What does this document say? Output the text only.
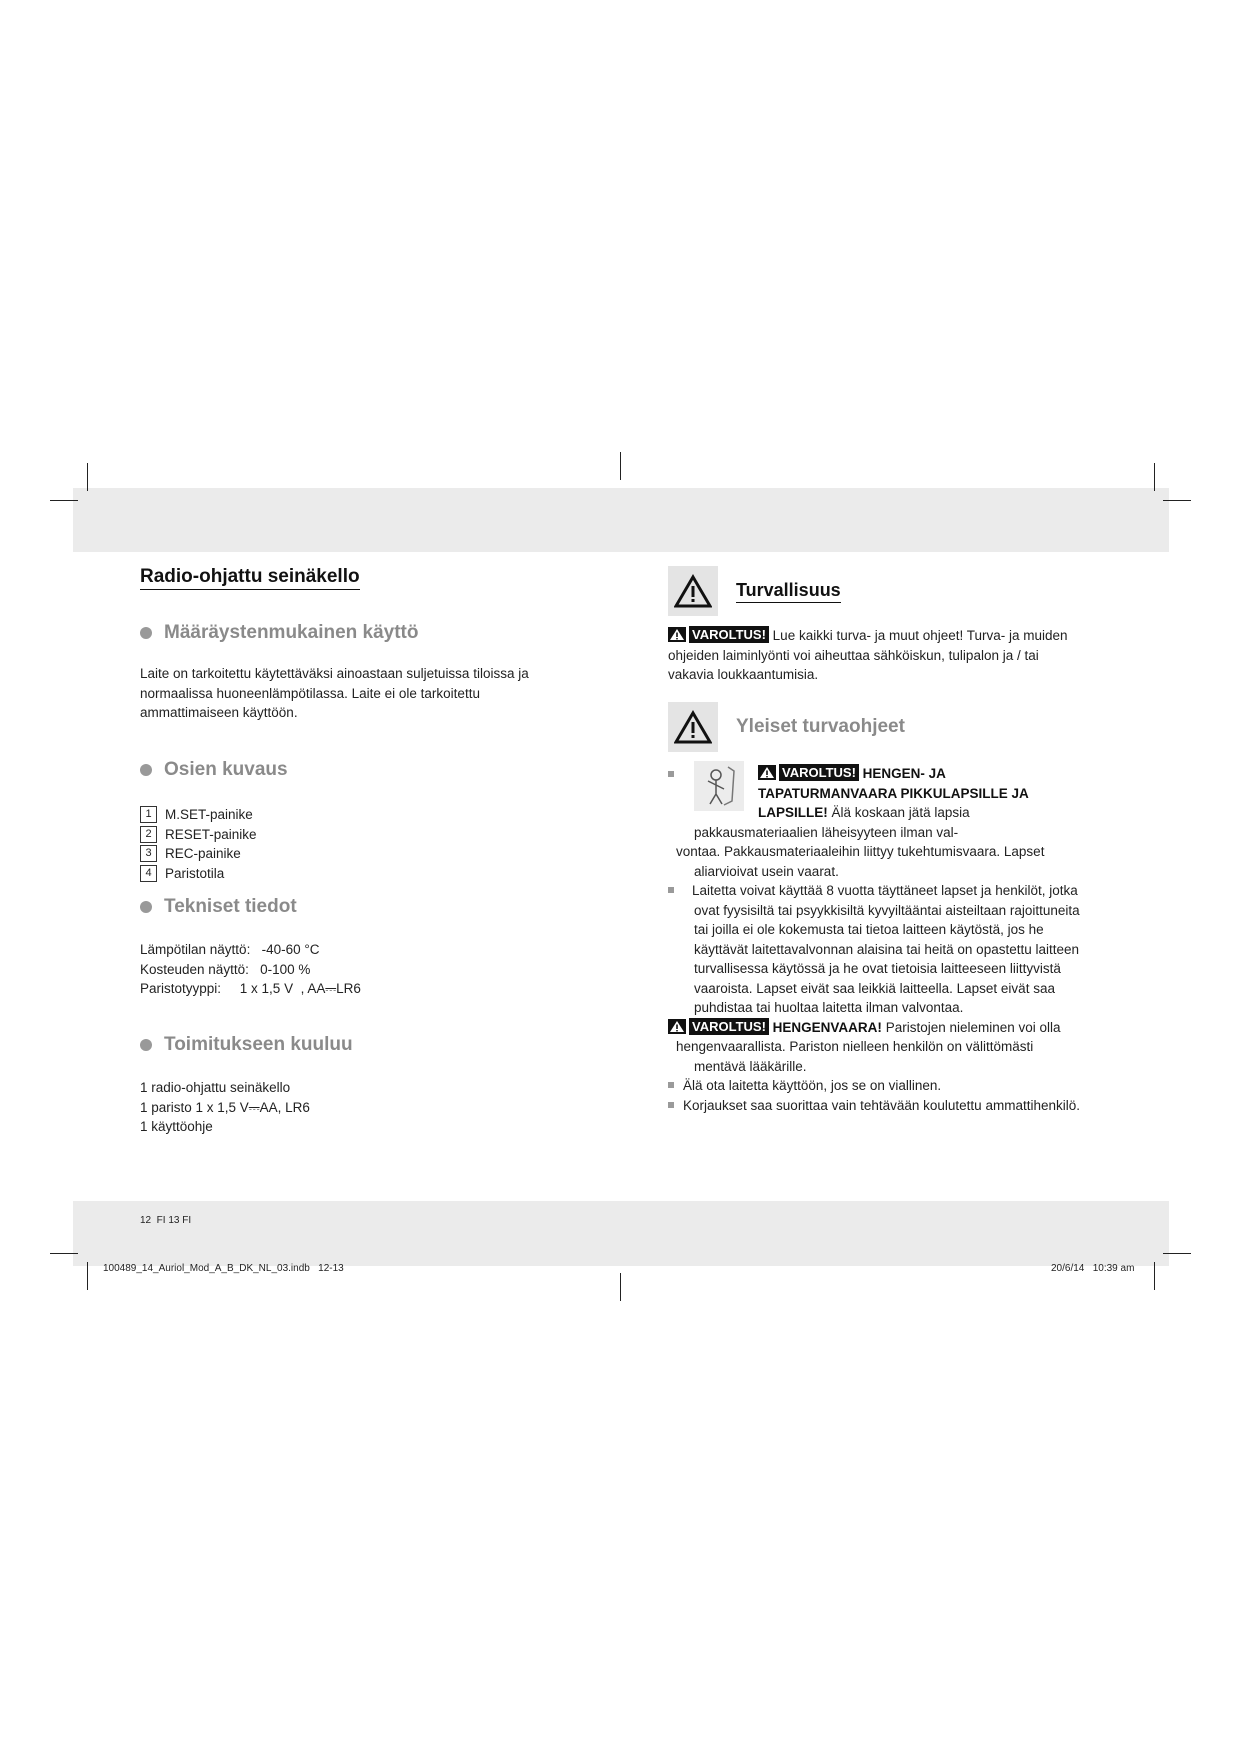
Radio-ohjattu seinäkello
Määräystenmukainen käyttö

Laite on tarkoitettu käytettäväksi ainoastaan suljetuissa tiloissa ja

normaalissa huoneenlämpötilassa. Laite ei ole tarkoitettu

ammattimaiseen käyttöön.

Osien kuvaus
1 M.SET-painike
2 RESET-painike
3 REC-painike
4 Paristotila
Tekniset tiedot
Lämpötilan näyttö:   -40-60 °C
Kosteuden näyttö:   0-100 %
Paristotyyppi:     1 x 1,5 V  , AA⎓LR6
Toimitukseen kuuluu

1 radio-ohjattu seinäkello

1 paristo 1 x 1,5 V⎓AA, LR6

1 käyttöohje

Turvallisuus
VAROLTUS! Lue kaikki turva- ja muut ohjeet! Turva- ja muiden
ohjeiden laiminlyönti voi aiheuttaa sähköiskun, tulipalon ja / tai
vakavia loukkaantumisia.
Yleiset turvaohjeet
VAROLTUS! HENGEN- JA
TAPATURMANVAARA PIKKULAPSILLE JA
LAPSILLE! Älä koskaan jätä lapsia
pakkausmateriaalien läheisyyteen ilman val-
vontaa. Pakkausmateriaaleihin liittyy tukehtumisvaara. Lapset
aliarvioivat usein vaarat.
Laitetta voivat käyttää 8 vuotta täyttäneet lapset ja henkilöt, jotka
ovat fyysisiltä tai psyykkisiltä kyvyiltääntai aisteiltaan rajoittuneita
tai joilla ei ole kokemusta tai tietoa laitteen käytöstä, jos he
käyttävät laitettavalvonnan alaisina tai heitä on opastettu laitteen
turvallisessa käytössä ja he ovat tietoisia laitteeseen liittyvistä
vaaroista. Lapset eivät saa leikkiä laitteella. Lapset eivät saa
puhdistaa tai huoltaa laitetta ilman valvontaa.
VAROLTUS! HENGENVAARA! Paristojen nieleminen voi olla
hengenvaarallista. Pariston nielleen henkilön on välittömästi
mentävä lääkärille.
Älä ota laitetta käyttöön, jos se on viallinen.
Korjaukset saa suorittaa vain tehtävään koulutettu ammattihenkilö.
12  FI 13 FI
100489_14_Auriol_Mod_A_B_DK_NL_03.indb   12-13	20/6/14   10:39 am
